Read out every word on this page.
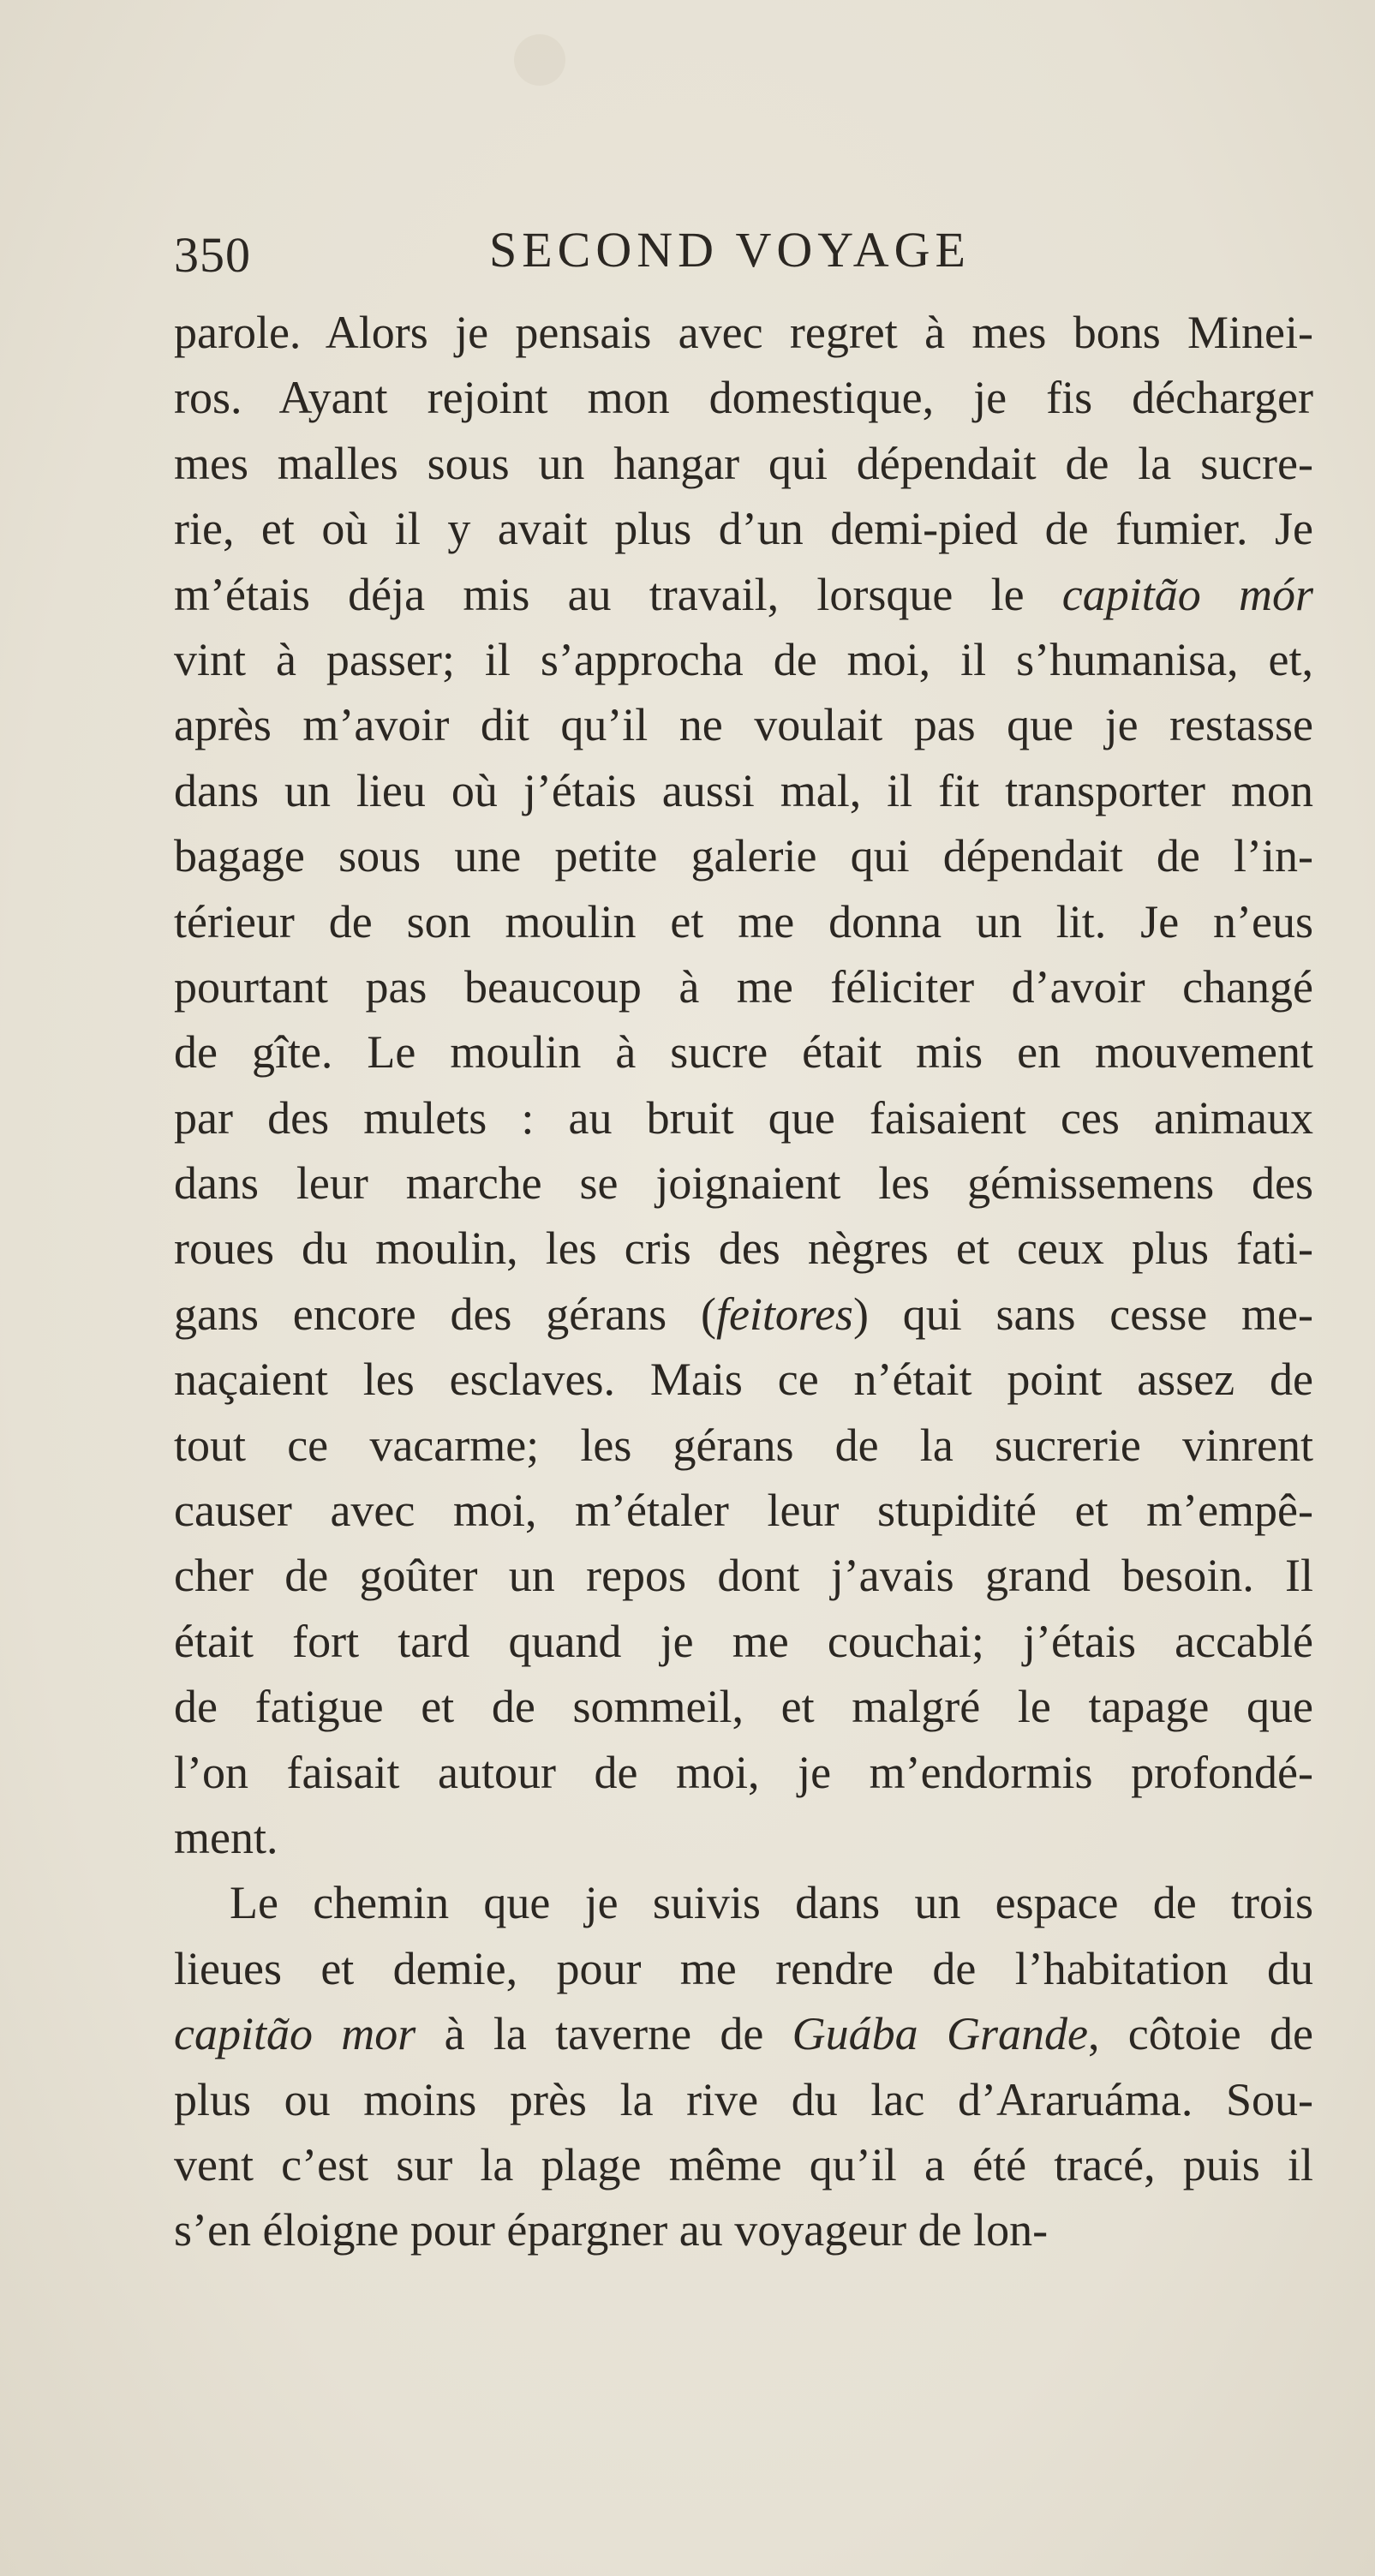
350	SECOND VOYAGE
parole. Alors je pensais avec regret à mes bons Minei-
ros. Ayant rejoint mon domestique, je fis décharger
mes malles sous un hangar qui dépendait de la sucre-
rie, et où il y avait plus d’un demi-pied de fumier. Je
m’étais déja mis au travail, lorsque le capitão mór
vint à passer; il s’approcha de moi, il s’humanisa, et,
après m’avoir dit qu’il ne voulait pas que je restasse
dans un lieu où j’étais aussi mal, il fit transporter mon
bagage sous une petite galerie qui dépendait de l’in-
térieur de son moulin et me donna un lit. Je n’eus
pourtant pas beaucoup à me féliciter d’avoir changé
de gîte. Le moulin à sucre était mis en mouvement
par des mulets : au bruit que faisaient ces animaux
dans leur marche se joignaient les gémissemens des
roues du moulin, les cris des nègres et ceux plus fati-
gans encore des gérans (feitores) qui sans cesse me-
naçaient les esclaves. Mais ce n’était point assez de
tout ce vacarme; les gérans de la sucrerie vinrent
causer avec moi, m’étaler leur stupidité et m’empê-
cher de goûter un repos dont j’avais grand besoin. Il
était fort tard quand je me couchai; j’étais accablé
de fatigue et de sommeil, et malgré le tapage que
l’on faisait autour de moi, je m’endormis profondé-
ment.
Le chemin que je suivis dans un espace de trois
lieues et demie, pour me rendre de l’habitation du
capitão mor à la taverne de Guába Grande, côtoie de
plus ou moins près la rive du lac d’Araruáma. Sou-
vent c’est sur la plage même qu’il a été tracé, puis il
s’en éloigne pour épargner au voyageur de lon-
